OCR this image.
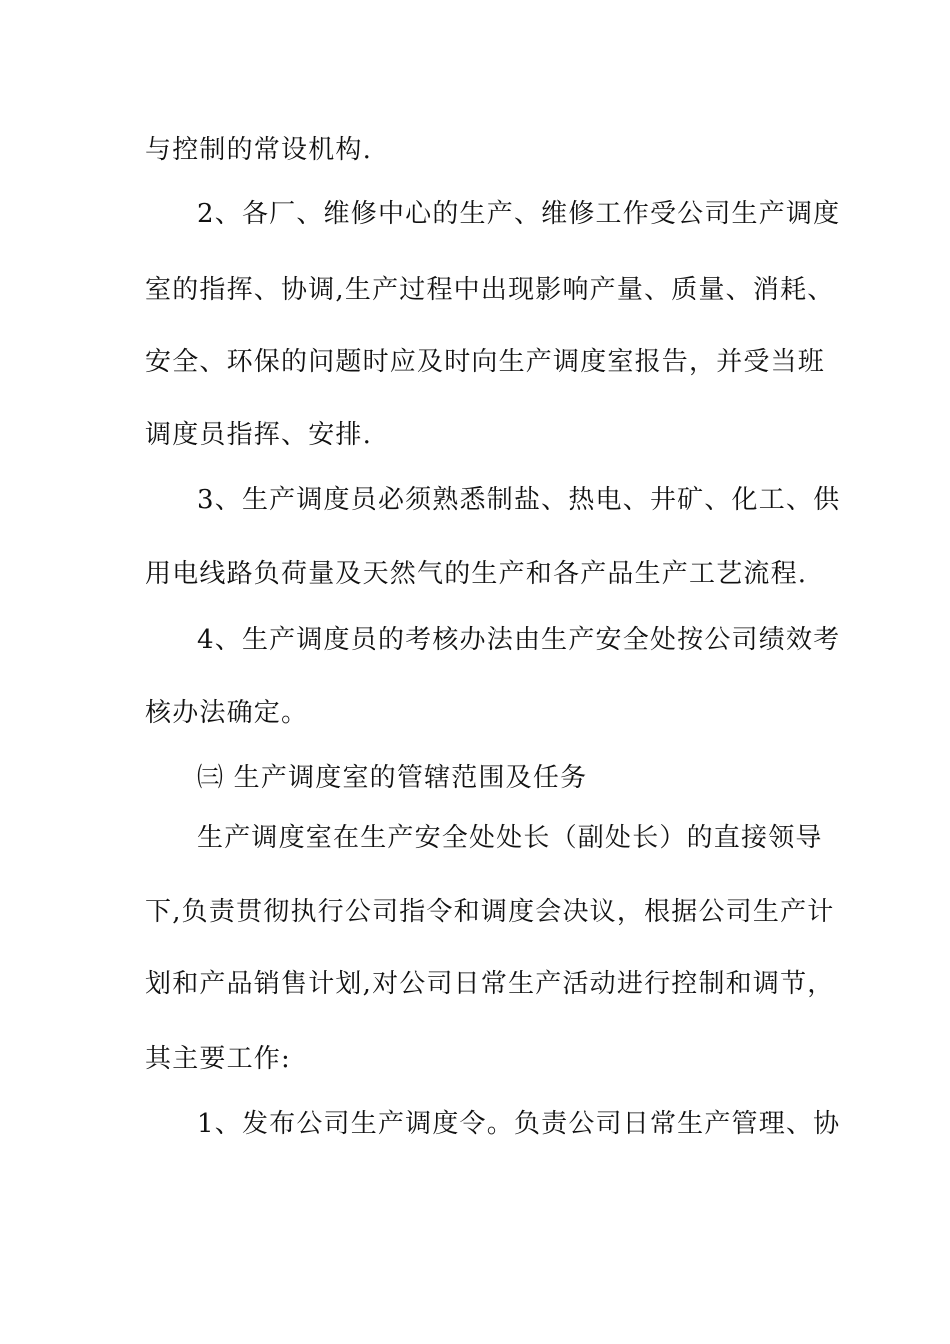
与控制的常设机构.
2、各厂、维修中心的生产、维修工作受公司生产调度
室的指挥、协调,生产过程中出现影响产量、质量、消耗、
安全、环保的问题时应及时向生产调度室报告，并受当班
调度员指挥、安排.
3、生产调度员必须熟悉制盐、热电、井矿、化工、供
用电线路负荷量及天然气的生产和各产品生产工艺流程.
4、生产调度员的考核办法由生产安全处按公司绩效考
核办法确定。
㈢ 生产调度室的管辖范围及任务
生产调度室在生产安全处处长（副处长）的直接领导
下,负责贯彻执行公司指令和调度会决议，根据公司生产计
划和产品销售计划,对公司日常生产活动进行控制和调节，
其主要工作:
1、发布公司生产调度令。负责公司日常生产管理、协
